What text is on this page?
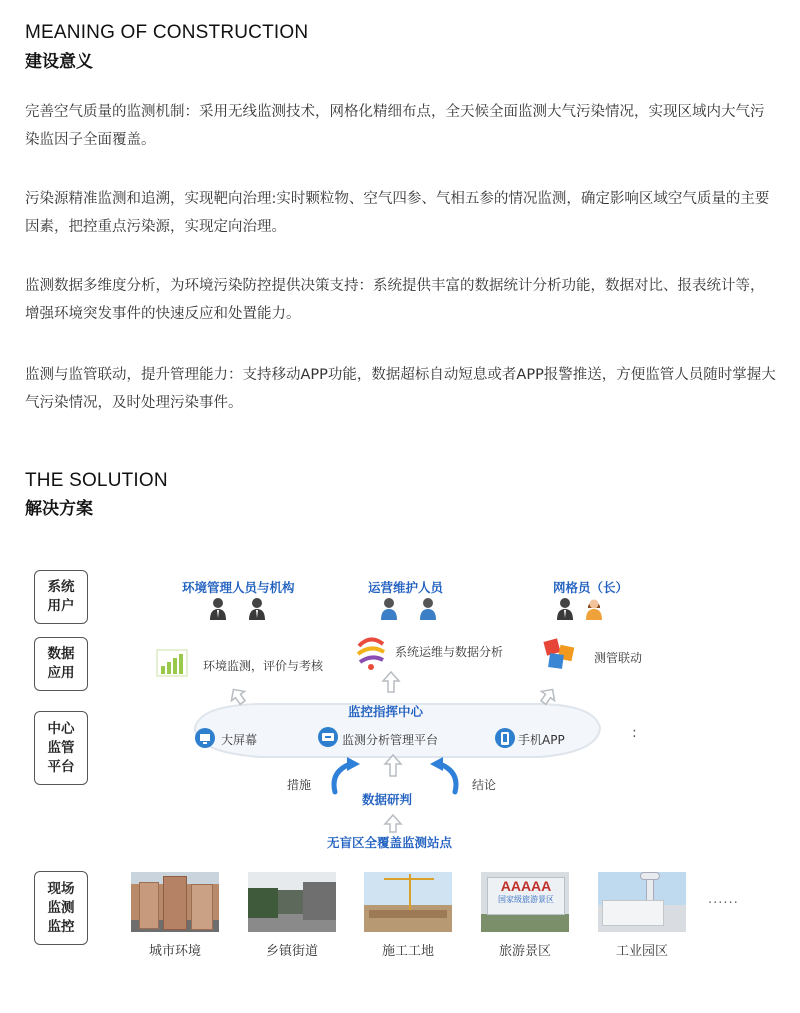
MEANING OF CONSTRUCTION
建设意义
完善空气质量的监测机制：采用无线监测技术，网格化精细布点，全天候全面监测大气污染情况，实现区域内大气污染监因子全面覆盖。
污染源精准监测和追溯，实现靶向治理:实时颗粒物、空气四参、气相五参的情况监测，确定影响区域空气质量的主要因素，把控重点污染源，实现定向治理。
监测数据多维度分析，为环境污染防控提供决策支持：系统提供丰富的数据统计分析功能，数据对比、报表统计等，增强环境突发事件的快速反应和处置能力。
监测与监管联动，提升管理能力：支持移动APP功能，数据超标自动短息或者APP报警推送，方便监管人员随时掌握大气污染情况，及时处理污染事件。
THE SOLUTION
解决方案
:
系统用户
数据应用
中心监管平台
现场监测监控
环境管理人员与机构	运营维护人员	网格员（长）
环境监测，评价与考核
系统运维与数据分析	测管联动
监控指挥中心
大屏幕	监测分析管理平台	手机APP
措施	结论
数据研判
无盲区全覆盖监测站点
AAAAA
国家级旅游景区	······
城市环境	乡镇街道	施工工地	旅游景区	工业园区
